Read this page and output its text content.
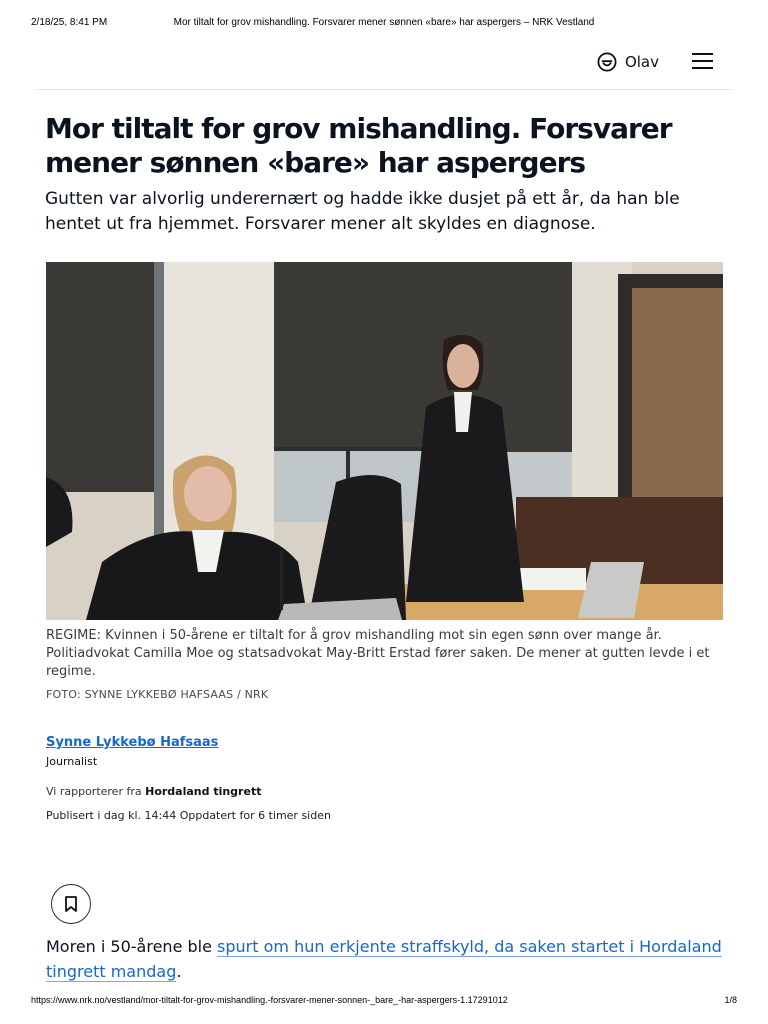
2/18/25, 8:41 PM	Mor tiltalt for grov mishandling. Forsvarer mener sønnen «bare» har aspergers – NRK Vestland
Olav
Mor tiltalt for grov mishandling. Forsvarer mener sønnen «bare» har aspergers

Gutten var alvorlig underernært og hadde ikke dusjet på ett år, da han ble hentet ut fra hjemmet. Forsvarer mener alt skyldes en diagnose.

REGIME: Kvinnen i 50-årene er tiltalt for å grov mishandling mot sin egen sønn over mange år. Politiadvokat Camilla Moe og statsadvokat May-Britt Erstad fører saken. De mener at gutten levde i et regime.

FOTO: SYNNE LYKKEBØ HAFSAAS / NRK

Synne Lykkebø Hafsaas

Journalist

Vi rapporterer fra Hordaland tingrett

Publisert i dag kl. 14:44 Oppdatert for 6 timer siden

Moren i 50-årene ble spurt om hun erkjente straffskyld, da saken startet i Hordaland tingrett mandag.

https://www.nrk.no/vestland/mor-tiltalt-for-grov-mishandling.-forsvarer-mener-sonnen-_bare_-har-aspergers-1.17291012	1/8
